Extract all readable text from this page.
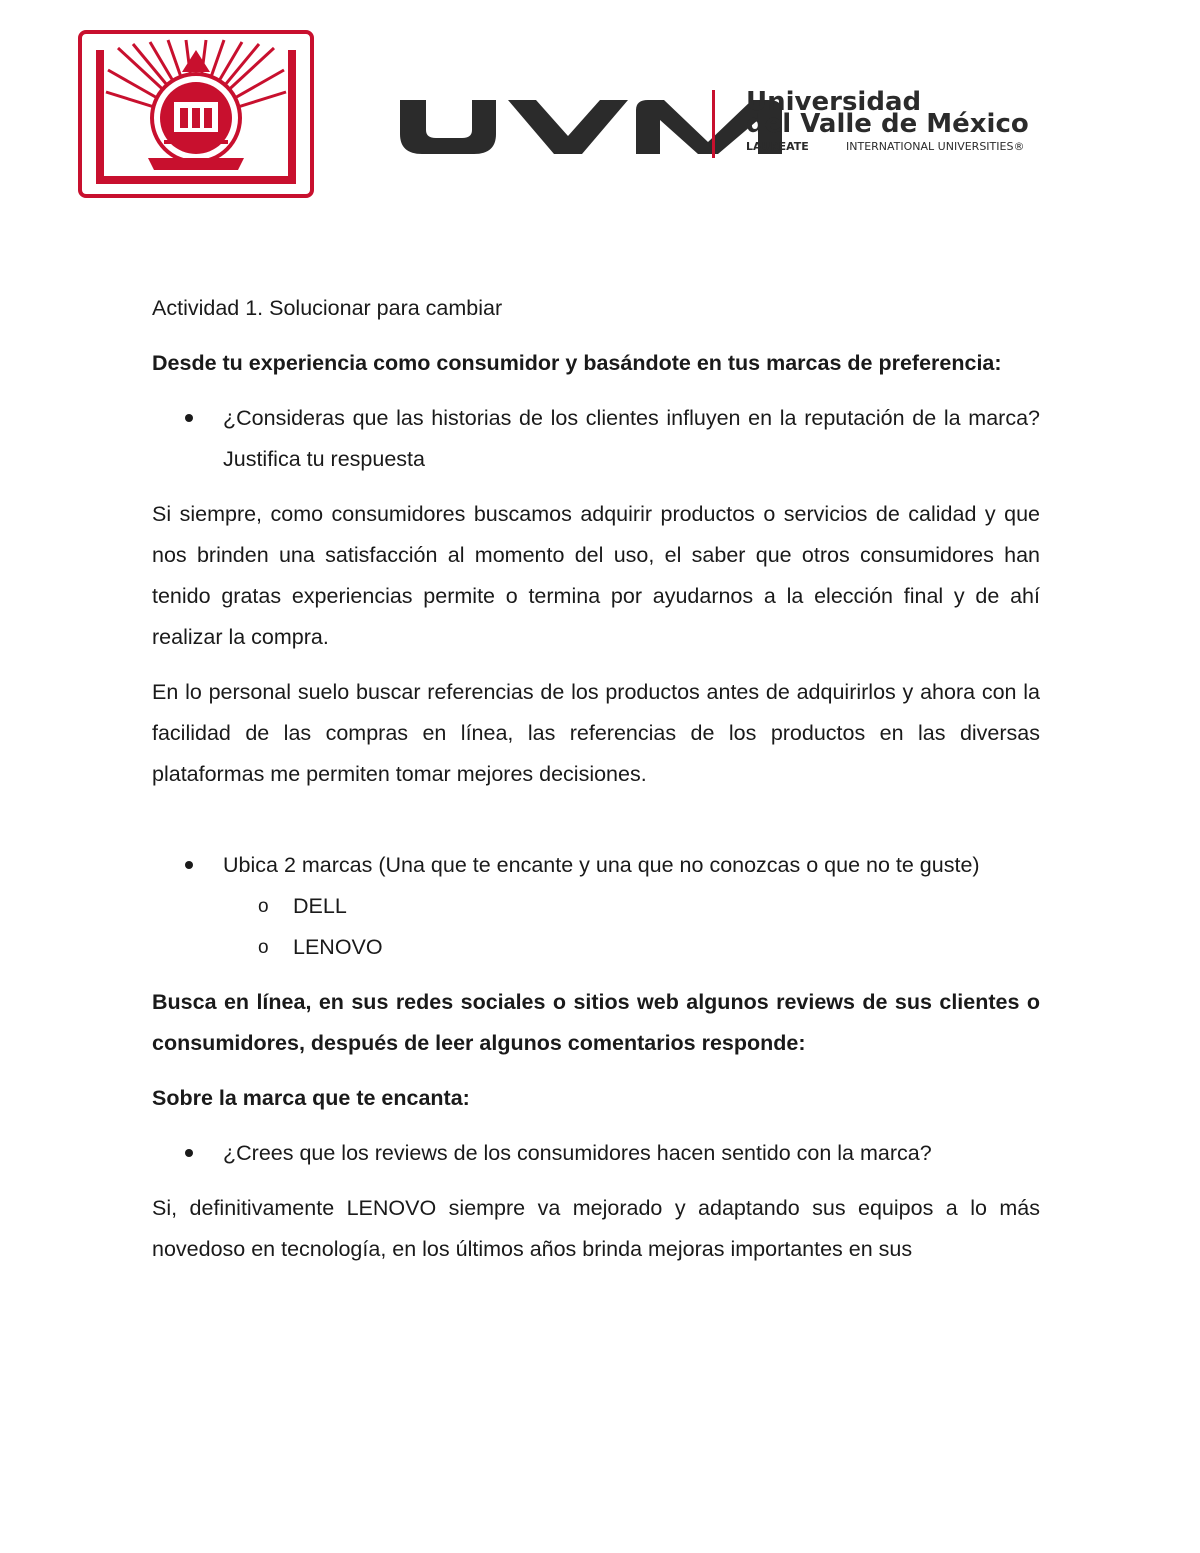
POR SIEMPRE RESPONSABLE	SE HA CULTIVADO
ONSABLE DE LO QUE
Universidad
del Valle de México
LAUREATE	INTERNATIONAL UNIVERSITIES®

Actividad 1. Solucionar para cambiar

Desde tu experiencia como consumidor y basándote en tus marcas de preferencia:

¿Consideras que las historias de los clientes influyen en la reputación de la marca? Justifica tu respuesta

Si siempre, como consumidores buscamos adquirir productos o servicios de calidad y que nos brinden una satisfacción al momento del uso, el saber que otros consumidores han tenido gratas experiencias permite o termina por ayudarnos a la elección final y de ahí realizar la compra.

En lo personal suelo buscar referencias de los productos antes de adquirirlos y ahora con la facilidad de las compras en línea, las referencias de los productos en las diversas plataformas me permiten tomar mejores decisiones.

Ubica 2 marcas (Una que te encante y una que no conozcas o que no te guste)
o DELL
o LENOVO

Busca en línea, en sus redes sociales o sitios web algunos reviews de sus clientes o consumidores, después de leer algunos comentarios responde:

Sobre la marca que te encanta:

¿Crees que los reviews de los consumidores hacen sentido con la marca?

Si, definitivamente LENOVO siempre va mejorado y adaptando sus equipos a lo más novedoso en tecnología, en los últimos años brinda mejoras importantes en sus
